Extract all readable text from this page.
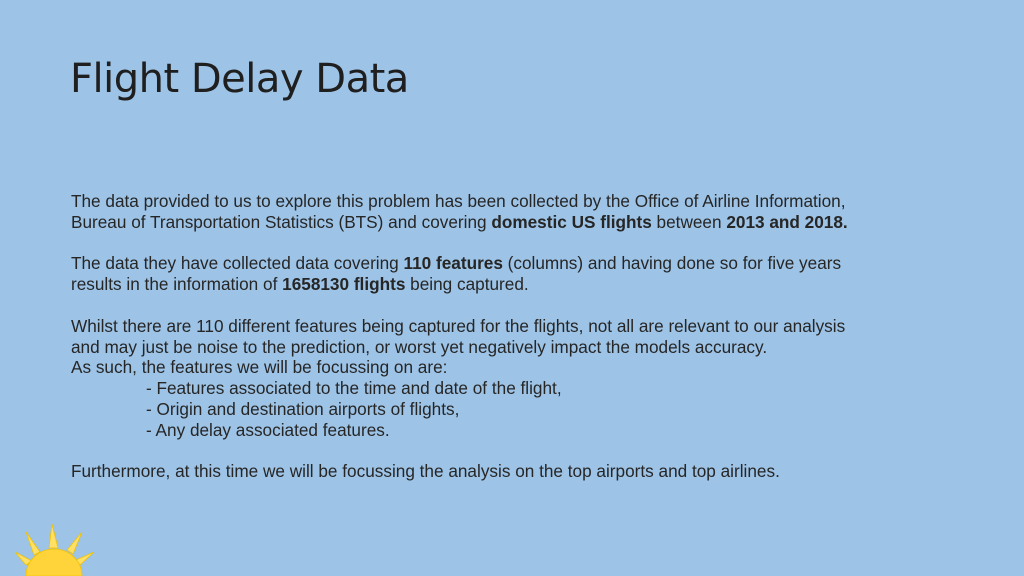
Flight Delay Data

The data provided to us to explore this problem has been collected by the Office of Airline Information,

Bureau of Transportation Statistics (BTS) and covering domestic US flights between 2013 and 2018.

The data they have collected data covering 110 features (columns) and having done so for five years

results in the information of 1658130 flights being captured.

Whilst there are 110 different features being captured for the flights, not all are relevant to our analysis

and may just be noise to the prediction, or worst yet negatively impact the models accuracy.

As such, the features we will be focussing on are:

- Features associated to the time and date of the flight,
- Origin and destination airports of flights,
- Any delay associated features.

Furthermore, at this time we will be focussing the analysis on the top airports and top airlines.
